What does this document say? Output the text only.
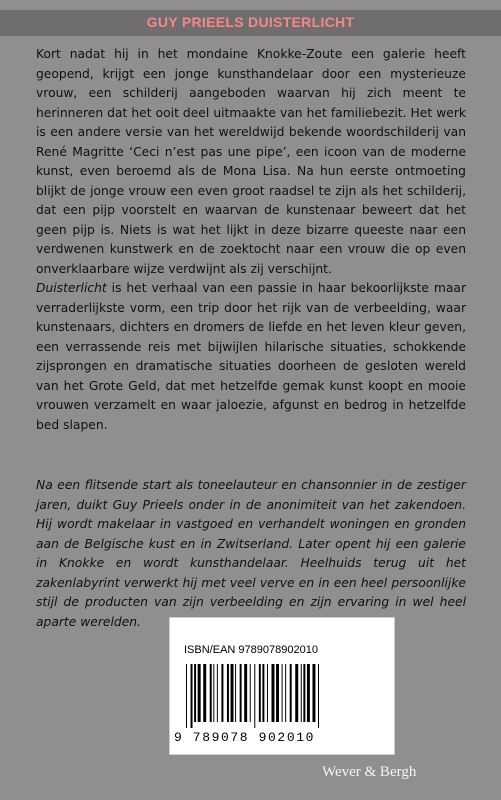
GUY PRIEELS DUISTERLICHT
Kort nadat hij in het mondaine Knokke-Zoute een galerie heeft geopend, krijgt een jonge kunsthandelaar door een mysterieuze vrouw, een schilderij aangeboden waarvan hij zich meent te herinneren dat het ooit deel uitmaakte van het familiebezit. Het werk is een andere versie van het wereldwijd bekende woordschilderij van René Magritte ‘Ceci n’est pas une pipe’, een icoon van de moderne kunst, even beroemd als de Mona Lisa. Na hun eerste ontmoeting blijkt de jonge vrouw een even groot raadsel te zijn als het schilderij, dat een pijp voorstelt en waarvan de kunstenaar beweert dat het geen pijp is. Niets is wat het lijkt in deze bizarre queeste naar een verdwenen kunstwerk en de zoektocht naar een vrouw die op even onverklaarbare wijze verdwijnt als zij verschijnt.
Duisterlicht is het verhaal van een passie in haar bekoorlijkste maar verraderlijkste vorm, een trip door het rijk van de verbeelding, waar kunstenaars, dichters en dromers de liefde en het leven kleur geven, een verrassende reis met bijwijlen hilarische situaties, schokkende zijsprongen en dramatische situaties doorheen de gesloten wereld van het Grote Geld, dat met hetzelfde gemak kunst koopt en mooie vrouwen verzamelt en waar jaloezie, afgunst en bedrog in hetzelfde bed slapen.

Na een flitsende start als toneelauteur en chansonnier in de zestiger jaren, duikt Guy Prieels onder in de anonimiteit van het zakendoen. Hij wordt makelaar in vastgoed en verhandelt woningen en gronden aan de Belgische kust en in Zwitserland. Later opent hij een galerie in Knokke en wordt kunsthandelaar. Heelhuids terug uit het zakenlabyrint verwerkt hij met veel verve en in een heel persoonlijke stijl de producten van zijn verbeelding en zijn ervaring in wel heel aparte werelden.

ISBN/EAN 9789078902010
9 789078 902010
Wever & Bergh
